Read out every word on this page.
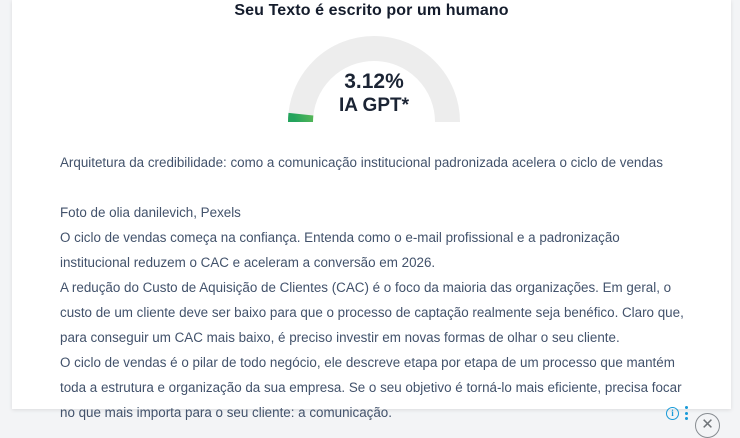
Seu Texto é escrito por um humano
3.12%
IA GPT*
Arquitetura da credibilidade: como a comunicação institucional padronizada acelera o ciclo de vendas
Foto de olia danilevich, Pexels
O ciclo de vendas começa na confiança. Entenda como o e-mail profissional e a padronização
institucional reduzem o CAC e aceleram a conversão em 2026.
A redução do Custo de Aquisição de Clientes (CAC) é o foco da maioria das organizações. Em geral, o
custo de um cliente deve ser baixo para que o processo de captação realmente seja benéfico. Claro que,
para conseguir um CAC mais baixo, é preciso investir em novas formas de olhar o seu cliente.
O ciclo de vendas é o pilar de todo negócio, ele descreve etapa por etapa de um processo que mantém
toda a estrutura e organização da sua empresa. Se o seu objetivo é torná-lo mais eficiente, precisa focar
no que mais importa para o seu cliente: a comunicação.	i
✕
